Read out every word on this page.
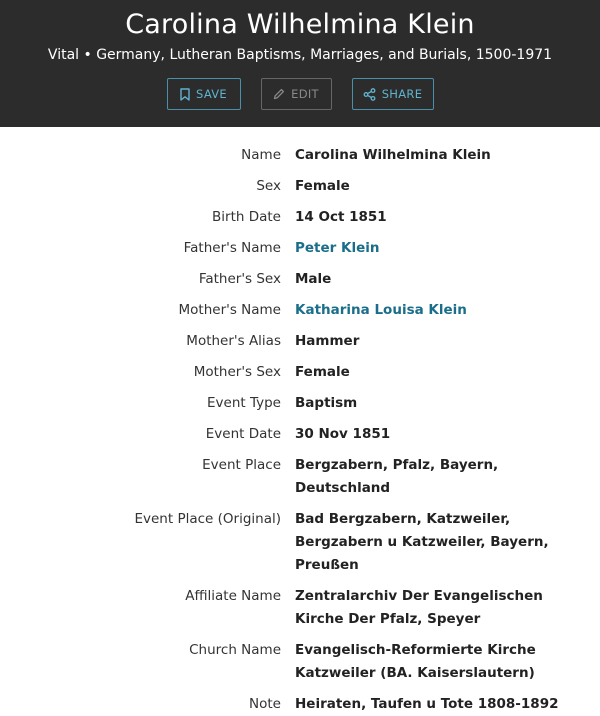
Carolina Wilhelmina Klein
Vital • Germany, Lutheran Baptisms, Marriages, and Burials, 1500-1971
SAVE	EDIT	SHARE
Name Carolina Wilhelmina Klein
Sex Female
Birth Date 14 Oct 1851
Father's Name Peter Klein
Father's Sex Male
Mother's Name Katharina Louisa Klein
Mother's Alias Hammer
Mother's Sex Female
Event Type Baptism
Event Date 30 Nov 1851
Event Place Bergzabern, Pfalz, Bayern, Deutschland
Event Place (Original) Bad Bergzabern, Katzweiler, Bergzabern u Katzweiler, Bayern, Preußen
Affiliate Name Zentralarchiv Der Evangelischen Kirche Der Pfalz, Speyer
Church Name Evangelisch-Reformierte Kirche Katzweiler (BA. Kaiserslautern)
Note Heiraten, Taufen u Tote 1808-1892
